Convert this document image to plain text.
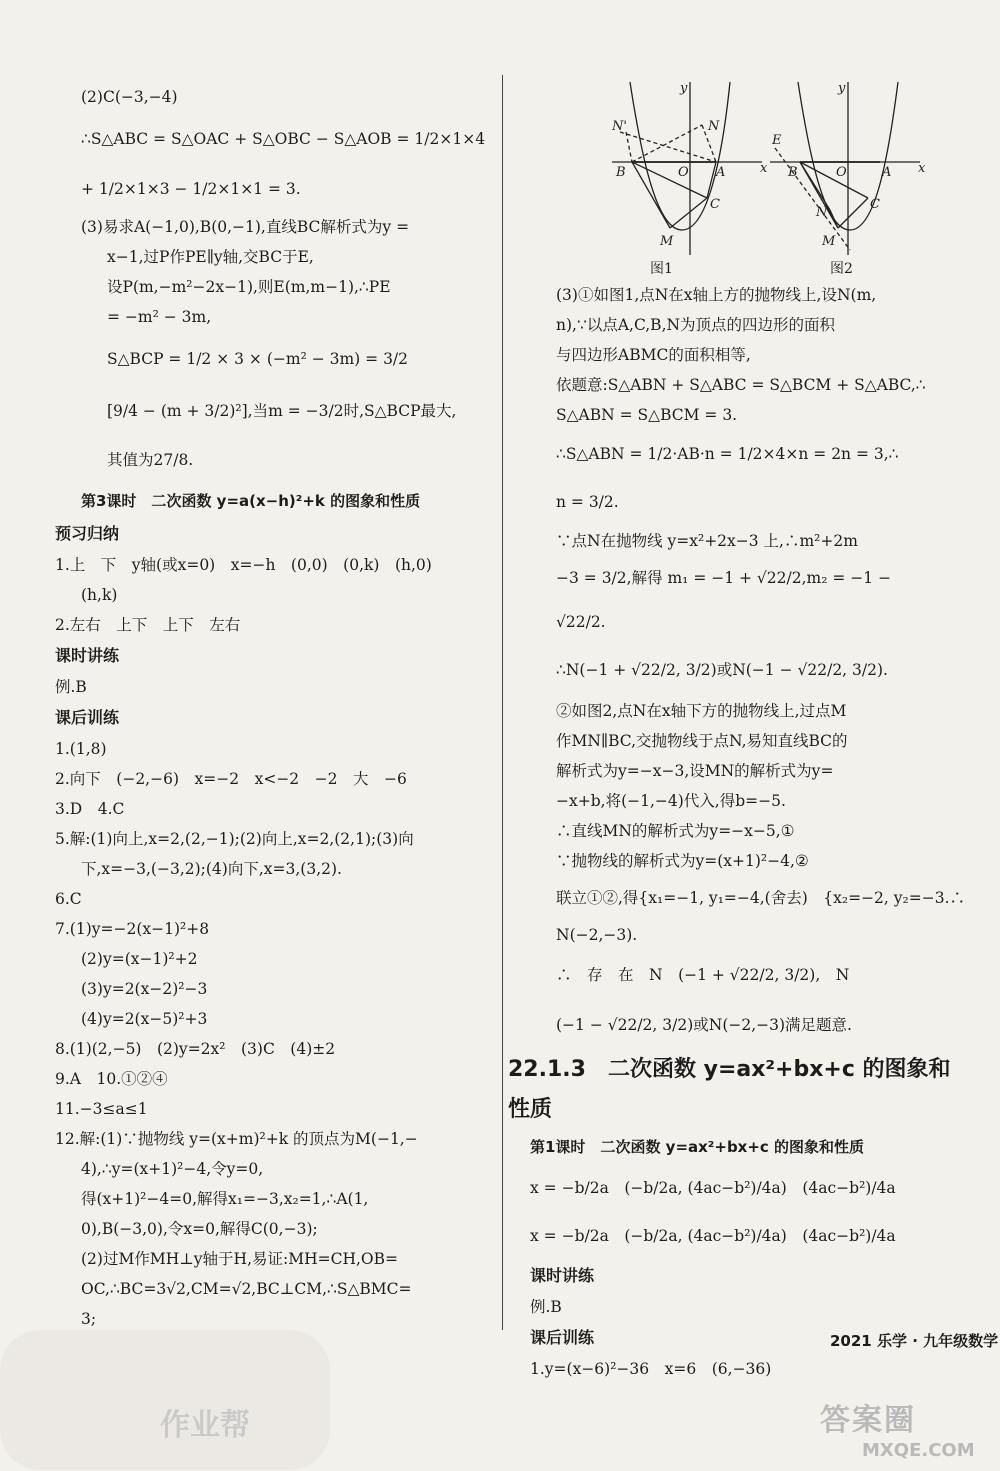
(2)C(−3,−4)
∴S△ABC = S△OAC + S△OBC − S△AOB = 1/2×1×4
+ 1/2×1×3 − 1/2×1×1 = 3.
(3)易求A(−1,0),B(0,−1),直线BC解析式为y =
x−1,过P作PE∥y轴,交BC于E,
设P(m,−m²−2x−1),则E(m,m−1),∴PE
= −m² − 3m,
S△BCP = 1/2 × 3 × (−m² − 3m) = 3/2
[9/4 − (m + 3/2)²],当m = −3/2时,S△BCP最大,
其值为27/8.
第3课时　二次函数 y=a(x−h)²+k 的图象和性质
预习归纳
1.上　下　y轴(或x=0)　x=−h　(0,0)　(0,k)　(h,0)
(h,k)
2.左右　上下　上下　左右
课时讲练
例.B
课后训练
1.(1,8)
2.向下　(−2,−6)　x=−2　x<−2　−2　大　−6
3.D　4.C
5.解:(1)向上,x=2,(2,−1);(2)向上,x=2,(2,1);(3)向
下,x=−3,(−3,2);(4)向下,x=3,(3,2).
6.C
7.(1)y=−2(x−1)²+8
(2)y=(x−1)²+2
(3)y=2(x−2)²−3
(4)y=2(x−5)²+3
8.(1)(2,−5)　(2)y=2x²　(3)C　(4)±2
9.A　10.①②④
11.−3≤a≤1
12.解:(1)∵抛物线 y=(x+m)²+k 的顶点为M(−1,−
4),∴y=(x+1)²−4,令y=0,
得(x+1)²−4=0,解得x₁=−3,x₂=1,∴A(1,
0),B(−3,0),令x=0,解得C(0,−3);
(2)过M作MH⊥y轴于H,易证:MH=CH,OB=
OC,∴BC=3√2,CM=√2,BC⊥CM,∴S△BMC=
3;
y
x
N'	N
B	O A
C
M
图1
y
x
E
B	O	A
C
N
M
图2
(3)①如图1,点N在x轴上方的抛物线上,设N(m,
n),∵以点A,C,B,N为顶点的四边形的面积
与四边形ABMC的面积相等,
依题意:S△ABN + S△ABC = S△BCM + S△ABC,∴
S△ABN = S△BCM = 3.
∴S△ABN = 1/2·AB·n = 1/2×4×n = 2n = 3,∴
n = 3/2.
∵点N在抛物线 y=x²+2x−3 上,∴m²+2m
−3 = 3/2,解得 m₁ = −1 + √22/2,m₂ = −1 −
√22/2.
∴N(−1 + √22/2, 3/2)或N(−1 − √22/2, 3/2).
②如图2,点N在x轴下方的抛物线上,过点M
作MN∥BC,交抛物线于点N,易知直线BC的
解析式为y=−x−3,设MN的解析式为y=
−x+b,将(−1,−4)代入,得b=−5.
∴直线MN的解析式为y=−x−5,①
∵抛物线的解析式为y=(x+1)²−4,②
联立①②,得{x₁=−1, y₁=−4,(舍去)　{x₂=−2, y₂=−3.∴
N(−2,−3).
∴　存　在　N　(−1 + √22/2, 3/2),　N
(−1 − √22/2, 3/2)或N(−2,−3)满足题意.
22.1.3　二次函数 y=ax²+bx+c 的图象和性质
第1课时　二次函数 y=ax²+bx+c 的图象和性质
x = −b/2a　(−b/2a, (4ac−b²)/4a)　(4ac−b²)/4a
x = −b/2a　(−b/2a, (4ac−b²)/4a)　(4ac−b²)/4a
课时讲练
例.B
课后训练
1.y=(x−6)²−36　x=6　(6,−36)
2021 乐学 · 九年级数学
作业帮	答案圈
MXQE.COM
